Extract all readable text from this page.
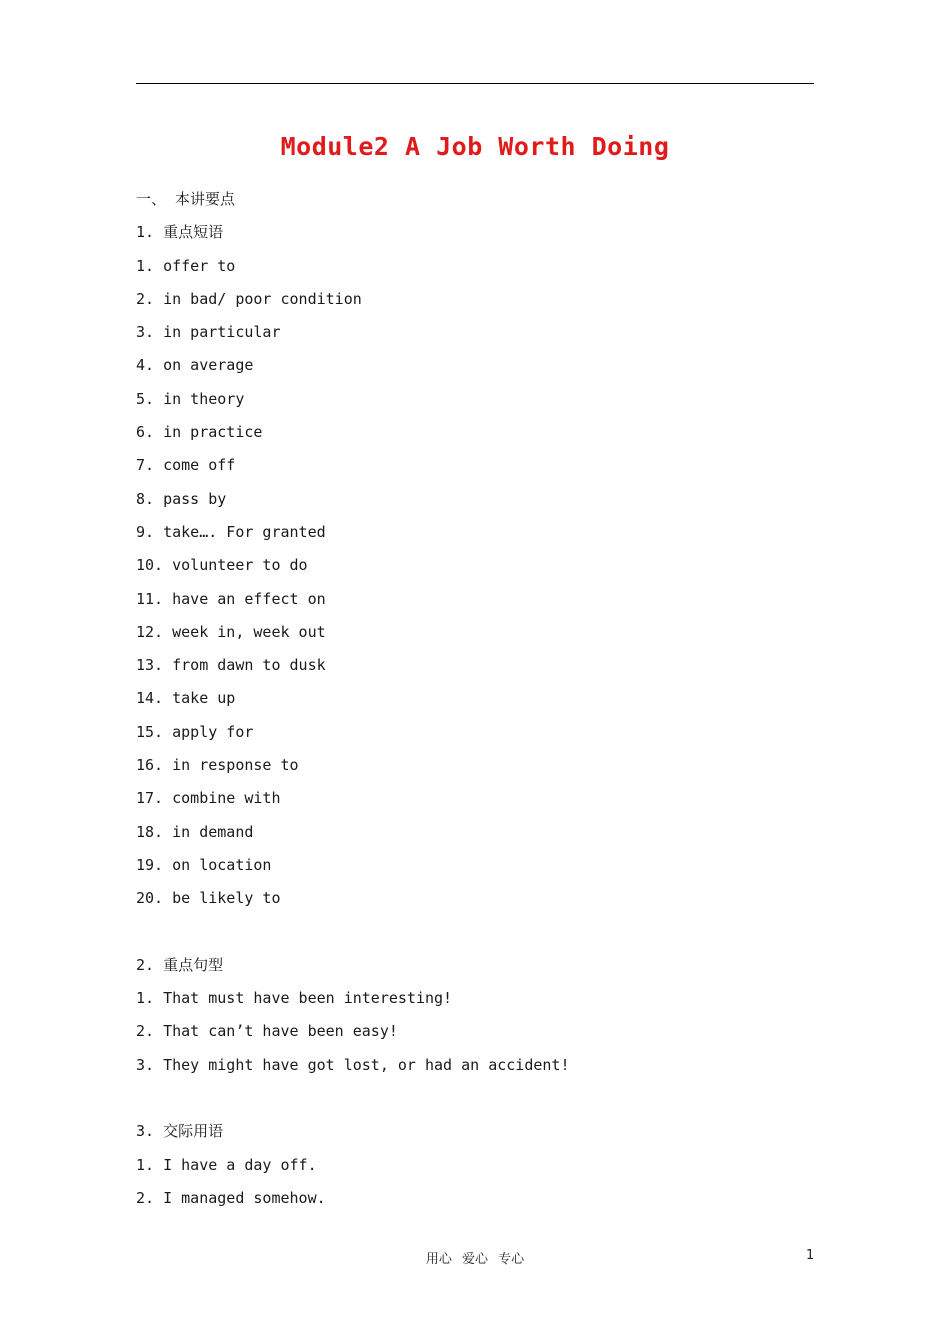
Module2 A Job Worth Doing
一、 本讲要点
1. 重点短语
1. offer to
2. in bad/ poor condition
3. in particular
4. on average
5. in theory
6. in practice
7. come off
8. pass by
9. take…. For granted
10. volunteer to do
11. have an effect on
12. week in, week out
13. from dawn to dusk
14. take up
15. apply for
16. in response to
17. combine with
18. in demand
19. on location
20. be likely to
2. 重点句型
1. That must have been interesting!
2. That can’t have been easy!
3. They might have got lost, or had an accident!
3. 交际用语
1. I have a day off.
2. I managed somehow.
用心 爱心 专心	1
